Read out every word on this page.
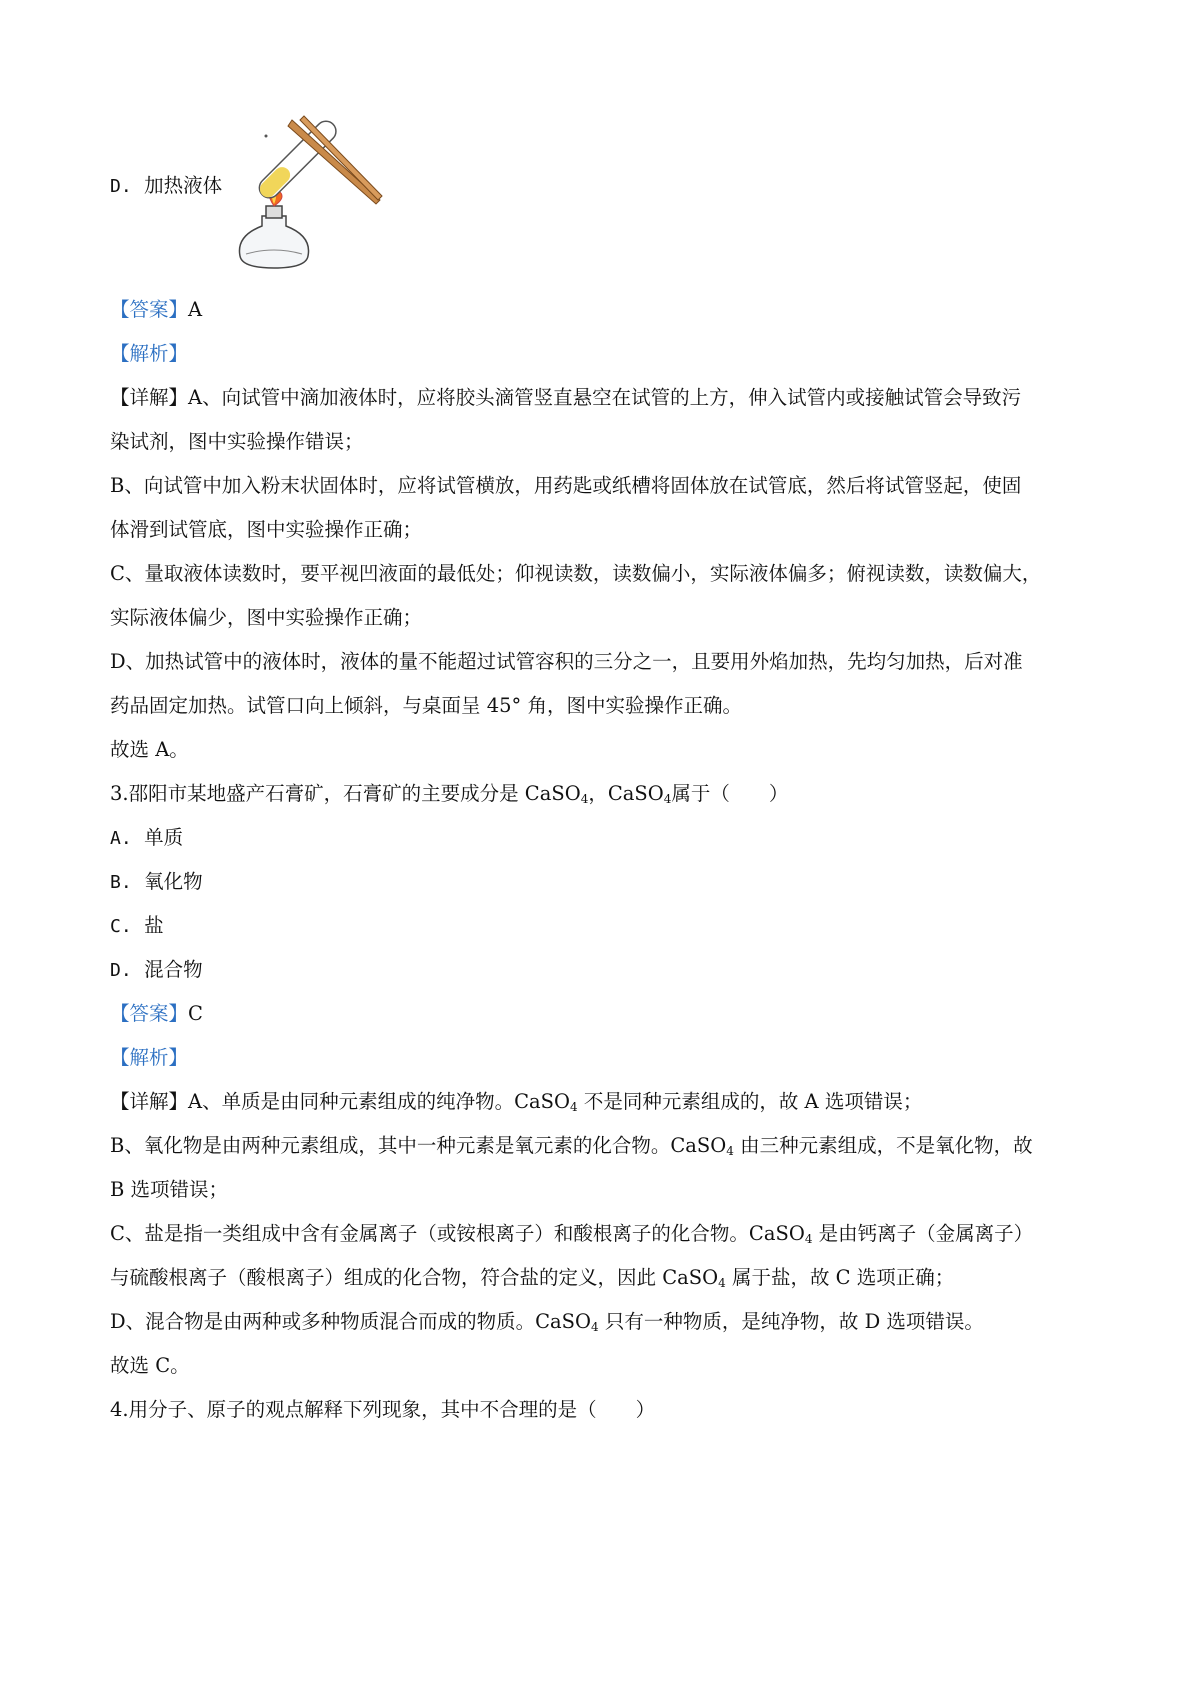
D. 加热液体
【答案】A
【解析】
【详解】A、向试管中滴加液体时，应将胶头滴管竖直悬空在试管的上方，伸入试管内或接触试管会导致污
染试剂，图中实验操作错误；
B、向试管中加入粉末状固体时，应将试管横放，用药匙或纸槽将固体放在试管底，然后将试管竖起，使固
体滑到试管底，图中实验操作正确；
C、量取液体读数时，要平视凹液面的最低处；仰视读数，读数偏小，实际液体偏多；俯视读数，读数偏大，
实际液体偏少，图中实验操作正确；
D、加热试管中的液体时，液体的量不能超过试管容积的三分之一，且要用外焰加热，先均匀加热，后对准
药品固定加热。试管口向上倾斜，与桌面呈 45° 角，图中实验操作正确。
故选 A。
3.邵阳市某地盛产石膏矿，石膏矿的主要成分是 CaSO$_4$，CaSO$_4$属于（　　）
A. 单质
B. 氧化物
C. 盐
D. 混合物
【答案】C
【解析】
【详解】A、单质是由同种元素组成的纯净物。CaSO$_4$ 不是同种元素组成的，故 A 选项错误；
B、氧化物是由两种元素组成，其中一种元素是氧元素的化合物。CaSO$_4$ 由三种元素组成，不是氧化物，故
B 选项错误；
C、盐是指一类组成中含有金属离子（或铵根离子）和酸根离子的化合物。CaSO$_4$ 是由钙离子（金属离子）
与硫酸根离子（酸根离子）组成的化合物，符合盐的定义，因此 CaSO$_4$ 属于盐，故 C 选项正确；
D、混合物是由两种或多种物质混合而成的物质。CaSO$_4$ 只有一种物质，是纯净物，故 D 选项错误。
故选 C。
4.用分子、原子的观点解释下列现象，其中不合理的是（　　）
